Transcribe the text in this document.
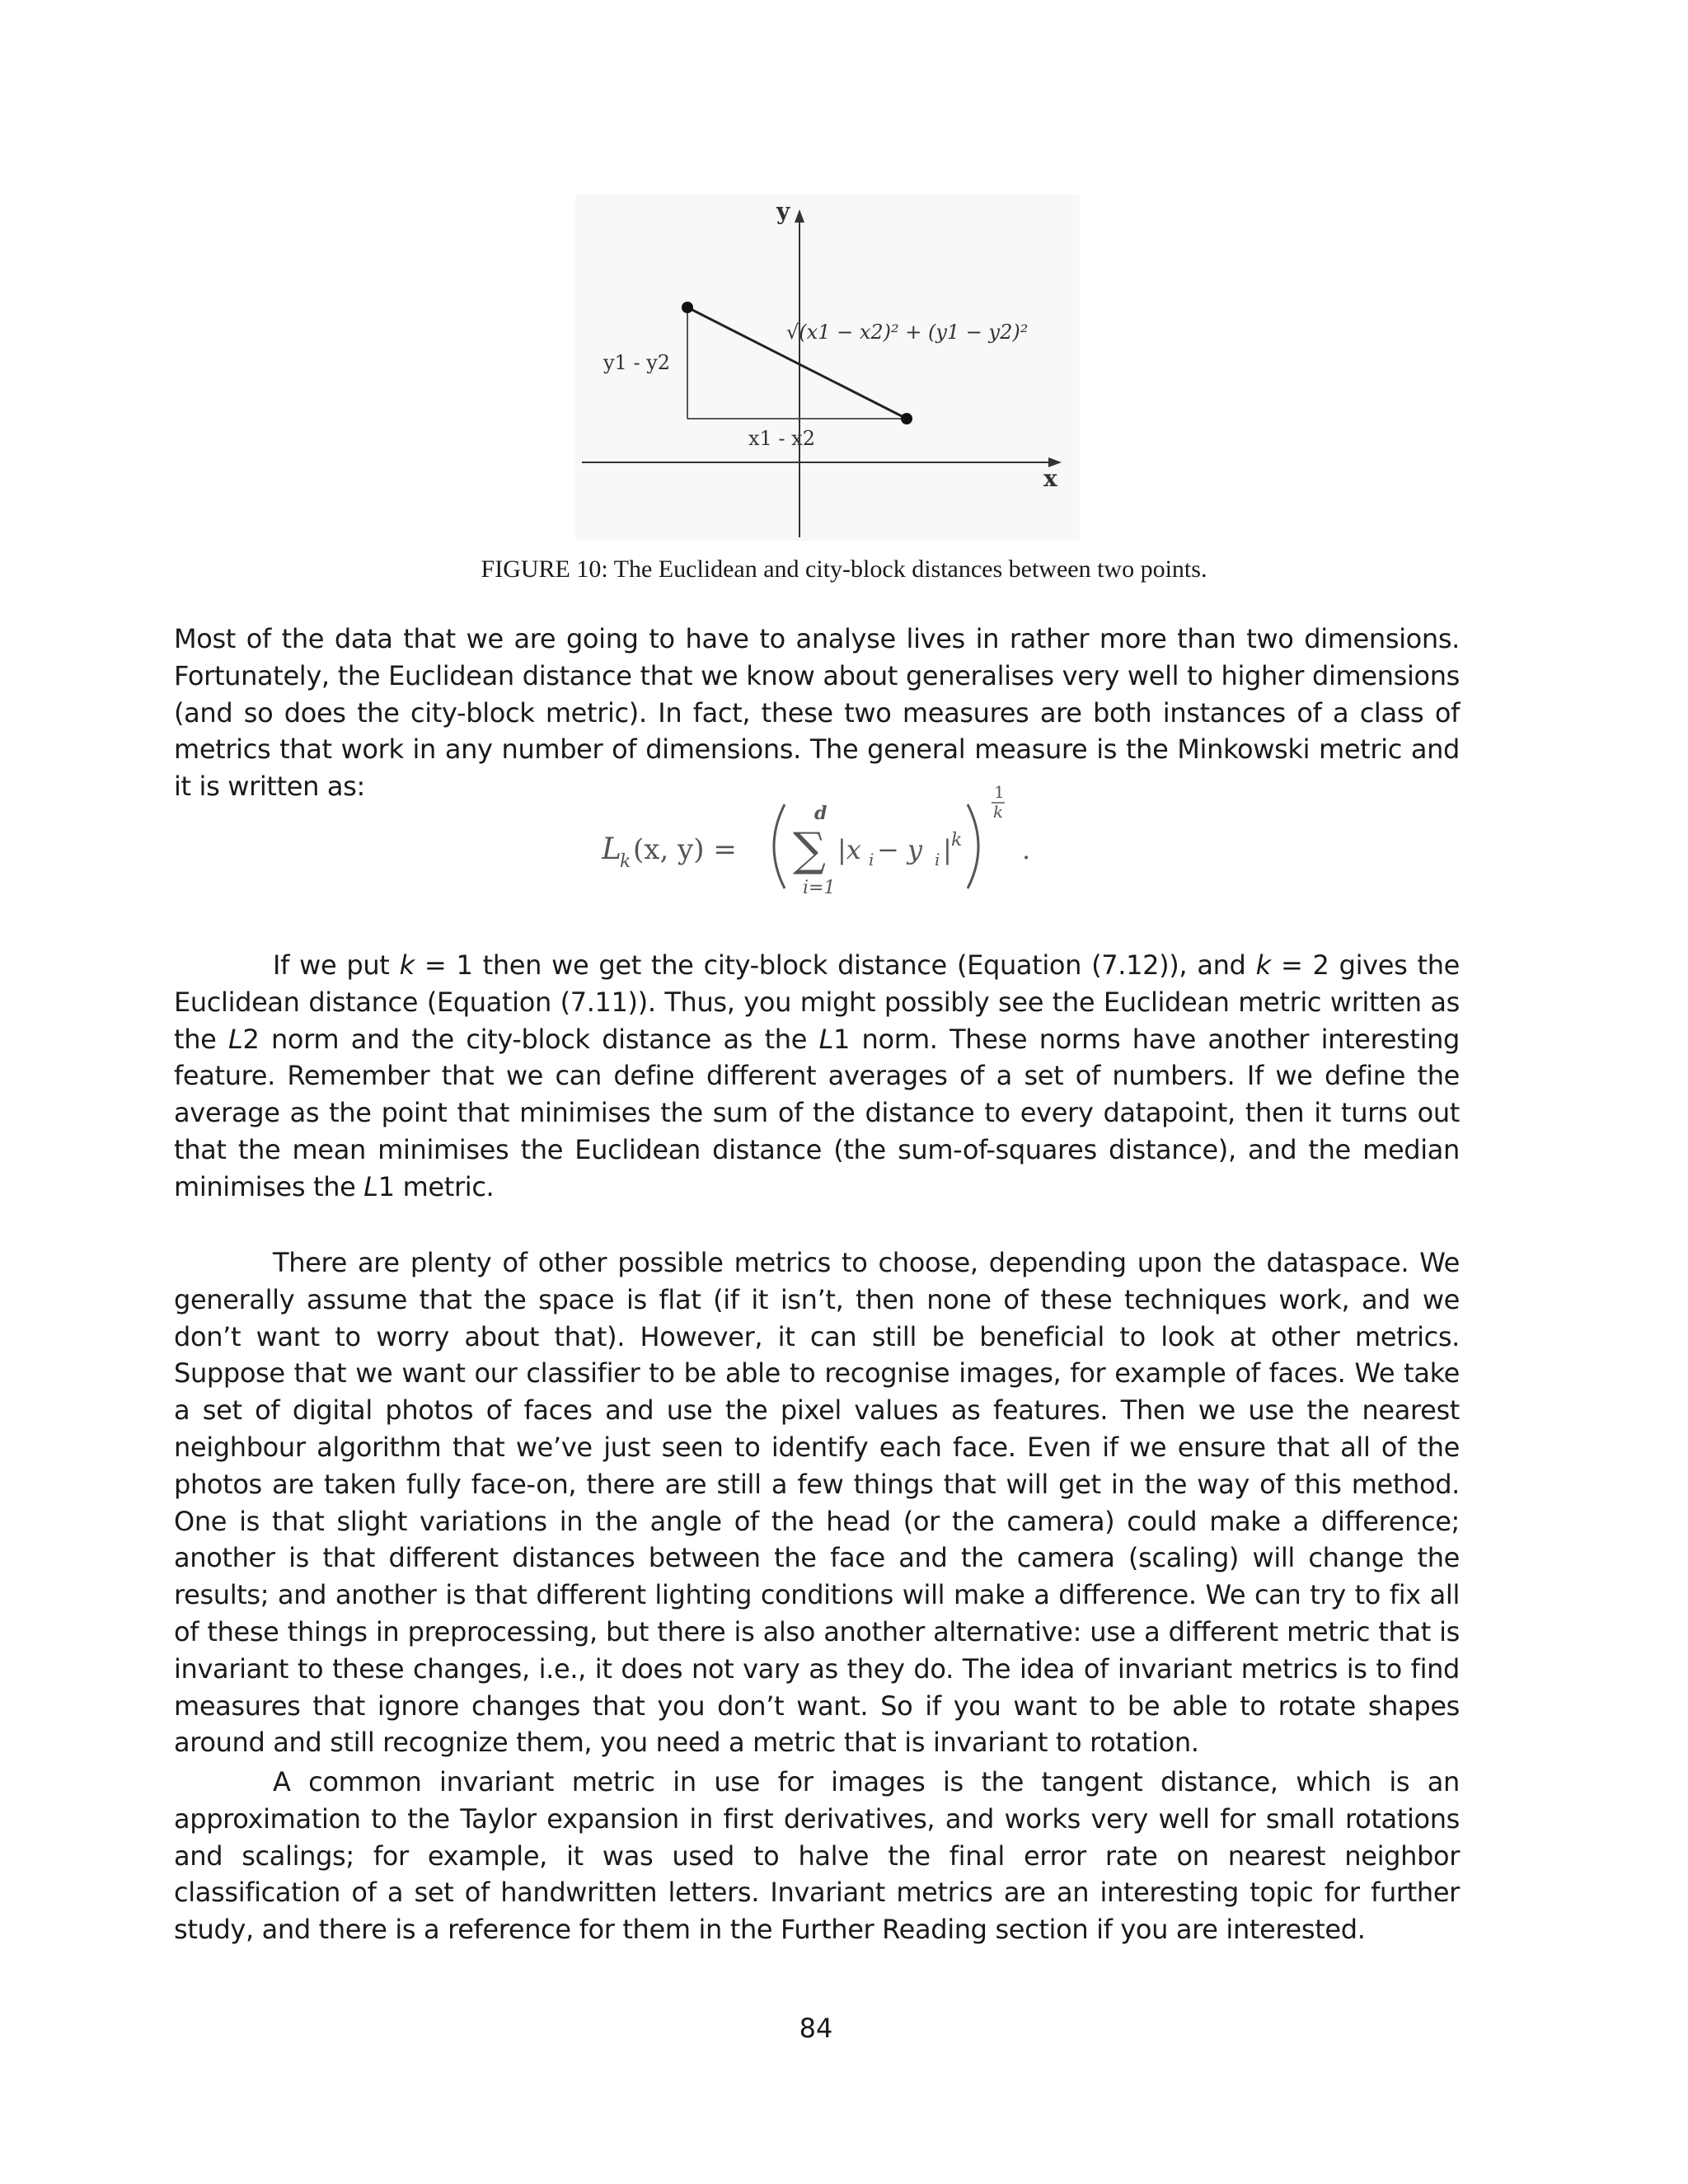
y
x
y1 - y2
x1 - x2
√(x1 − x2)² + (y1 − y2)²
FIGURE 10: The Euclidean and city-block distances between two points.

Most of the data that we are going to have to analyse lives in rather more than two dimensions. Fortunately, the Euclidean distance that we know about generalises very well to higher dimensions (and so does the city-block metric). In fact, these two measures are both instances of a class of metrics that work in any number of dimensions. The general measure is the Minkowski metric and it is written as:

L
k (x, y) =
d
∑
i=1
|x i − y i | k
1
k
.

If we put k = 1 then we get the city-block distance (Equation (7.12)), and k = 2 gives the Euclidean distance (Equation (7.11)). Thus, you might possibly see the Euclidean metric written as the L2 norm and the city-block distance as the L1 norm. These norms have another interesting feature. Remember that we can define different averages of a set of numbers. If we define the average as the point that minimises the sum of the distance to every datapoint, then it turns out that the mean minimises the Euclidean distance (the sum-of-squares distance), and the median minimises the L1 metric.

There are plenty of other possible metrics to choose, depending upon the dataspace. We generally assume that the space is flat (if it isn’t, then none of these techniques work, and we don’t want to worry about that). However, it can still be beneficial to look at other metrics. Suppose that we want our classifier to be able to recognise images, for example of faces. We take a set of digital photos of faces and use the pixel values as features. Then we use the nearest neighbour algorithm that we’ve just seen to identify each face. Even if we ensure that all of the photos are taken fully face-on, there are still a few things that will get in the way of this method. One is that slight variations in the angle of the head (or the camera) could make a difference; another is that different distances between the face and the camera (scaling) will change the results; and another is that different lighting conditions will make a difference. We can try to fix all of these things in preprocessing, but there is also another alternative: use a different metric that is invariant to these changes, i.e., it does not vary as they do. The idea of invariant metrics is to find measures that ignore changes that you don’t want. So if you want to be able to rotate shapes around and still recognize them, you need a metric that is invariant to rotation.

A common invariant metric in use for images is the tangent distance, which is an approximation to the Taylor expansion in first derivatives, and works very well for small rotations and scalings; for example, it was used to halve the final error rate on nearest neighbor classification of a set of handwritten letters. Invariant metrics are an interesting topic for further study, and there is a reference for them in the Further Reading section if you are interested.

84
